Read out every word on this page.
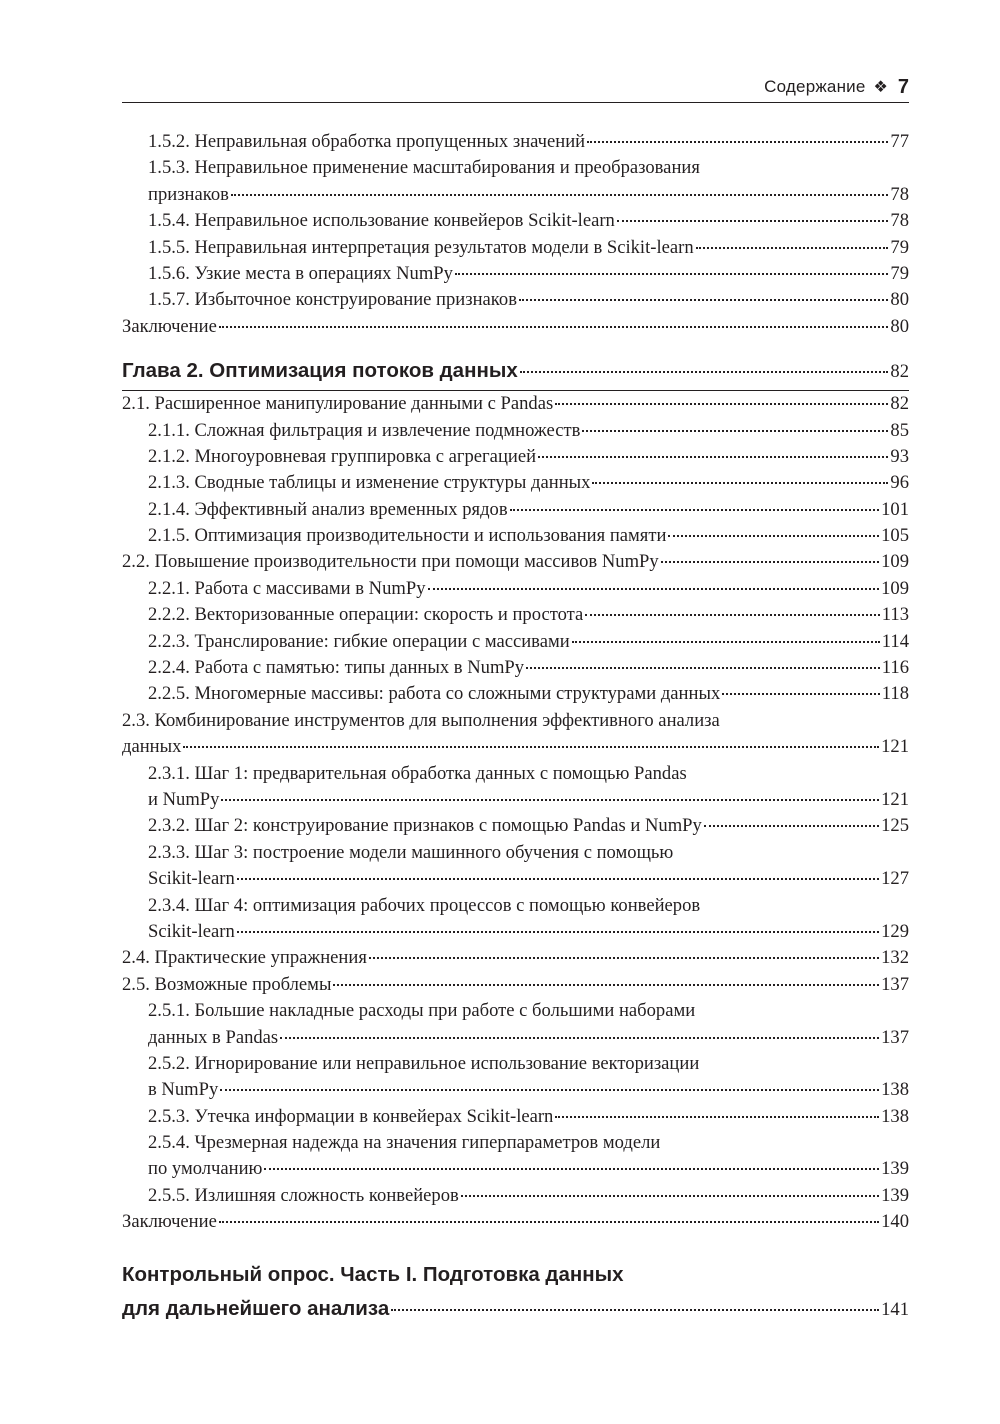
Содержание ❖ 7
1.5.2. Неправильная обработка пропущенных значений	77
1.5.3. Неправильное применение масштабирования и преобразования
признаков	78
1.5.4. Неправильное использование конвейеров Scikit-learn	78
1.5.5. Неправильная интерпретация результатов модели в Scikit-learn	79
1.5.6. Узкие места в операциях NumPy	79
1.5.7. Избыточное конструирование признаков	80
Заключение	80
Глава 2. Оптимизация потоков данных	82
2.1. Расширенное манипулирование данными с Pandas	82
2.1.1. Сложная фильтрация и извлечение подмножеств	85
2.1.2. Многоуровневая группировка с агрегацией	93
2.1.3. Сводные таблицы и изменение структуры данных	96
2.1.4. Эффективный анализ временных рядов	101
2.1.5. Оптимизация производительности и использования памяти	105
2.2. Повышение производительности при помощи массивов NumPy	109
2.2.1. Работа с массивами в NumPy	109
2.2.2. Векторизованные операции: скорость и простота	113
2.2.3. Транслирование: гибкие операции с массивами	114
2.2.4. Работа с памятью: типы данных в NumPy	116
2.2.5. Многомерные массивы: работа со сложными структурами данных	118
2.3. Комбинирование инструментов для выполнения эффективного анализа
данных	121
2.3.1. Шаг 1: предварительная обработка данных с помощью Pandas
и NumPy	121
2.3.2. Шаг 2: конструирование признаков с помощью Pandas и NumPy	125
2.3.3. Шаг 3: построение модели машинного обучения с помощью
Scikit-learn	127
2.3.4. Шаг 4: оптимизация рабочих процессов с помощью конвейеров
Scikit-learn	129
2.4. Практические упражнения	132
2.5. Возможные проблемы	137
2.5.1. Большие накладные расходы при работе с большими наборами
данных в Pandas	137
2.5.2. Игнорирование или неправильное использование векторизации
в NumPy	138
2.5.3. Утечка информации в конвейерах Scikit-learn	138
2.5.4. Чрезмерная надежда на значения гиперпараметров модели
по умолчанию	139
2.5.5. Излишняя сложность конвейеров	139
Заключение	140
Контрольный опрос. Часть I. Подготовка данных
для дальнейшего анализа	141
